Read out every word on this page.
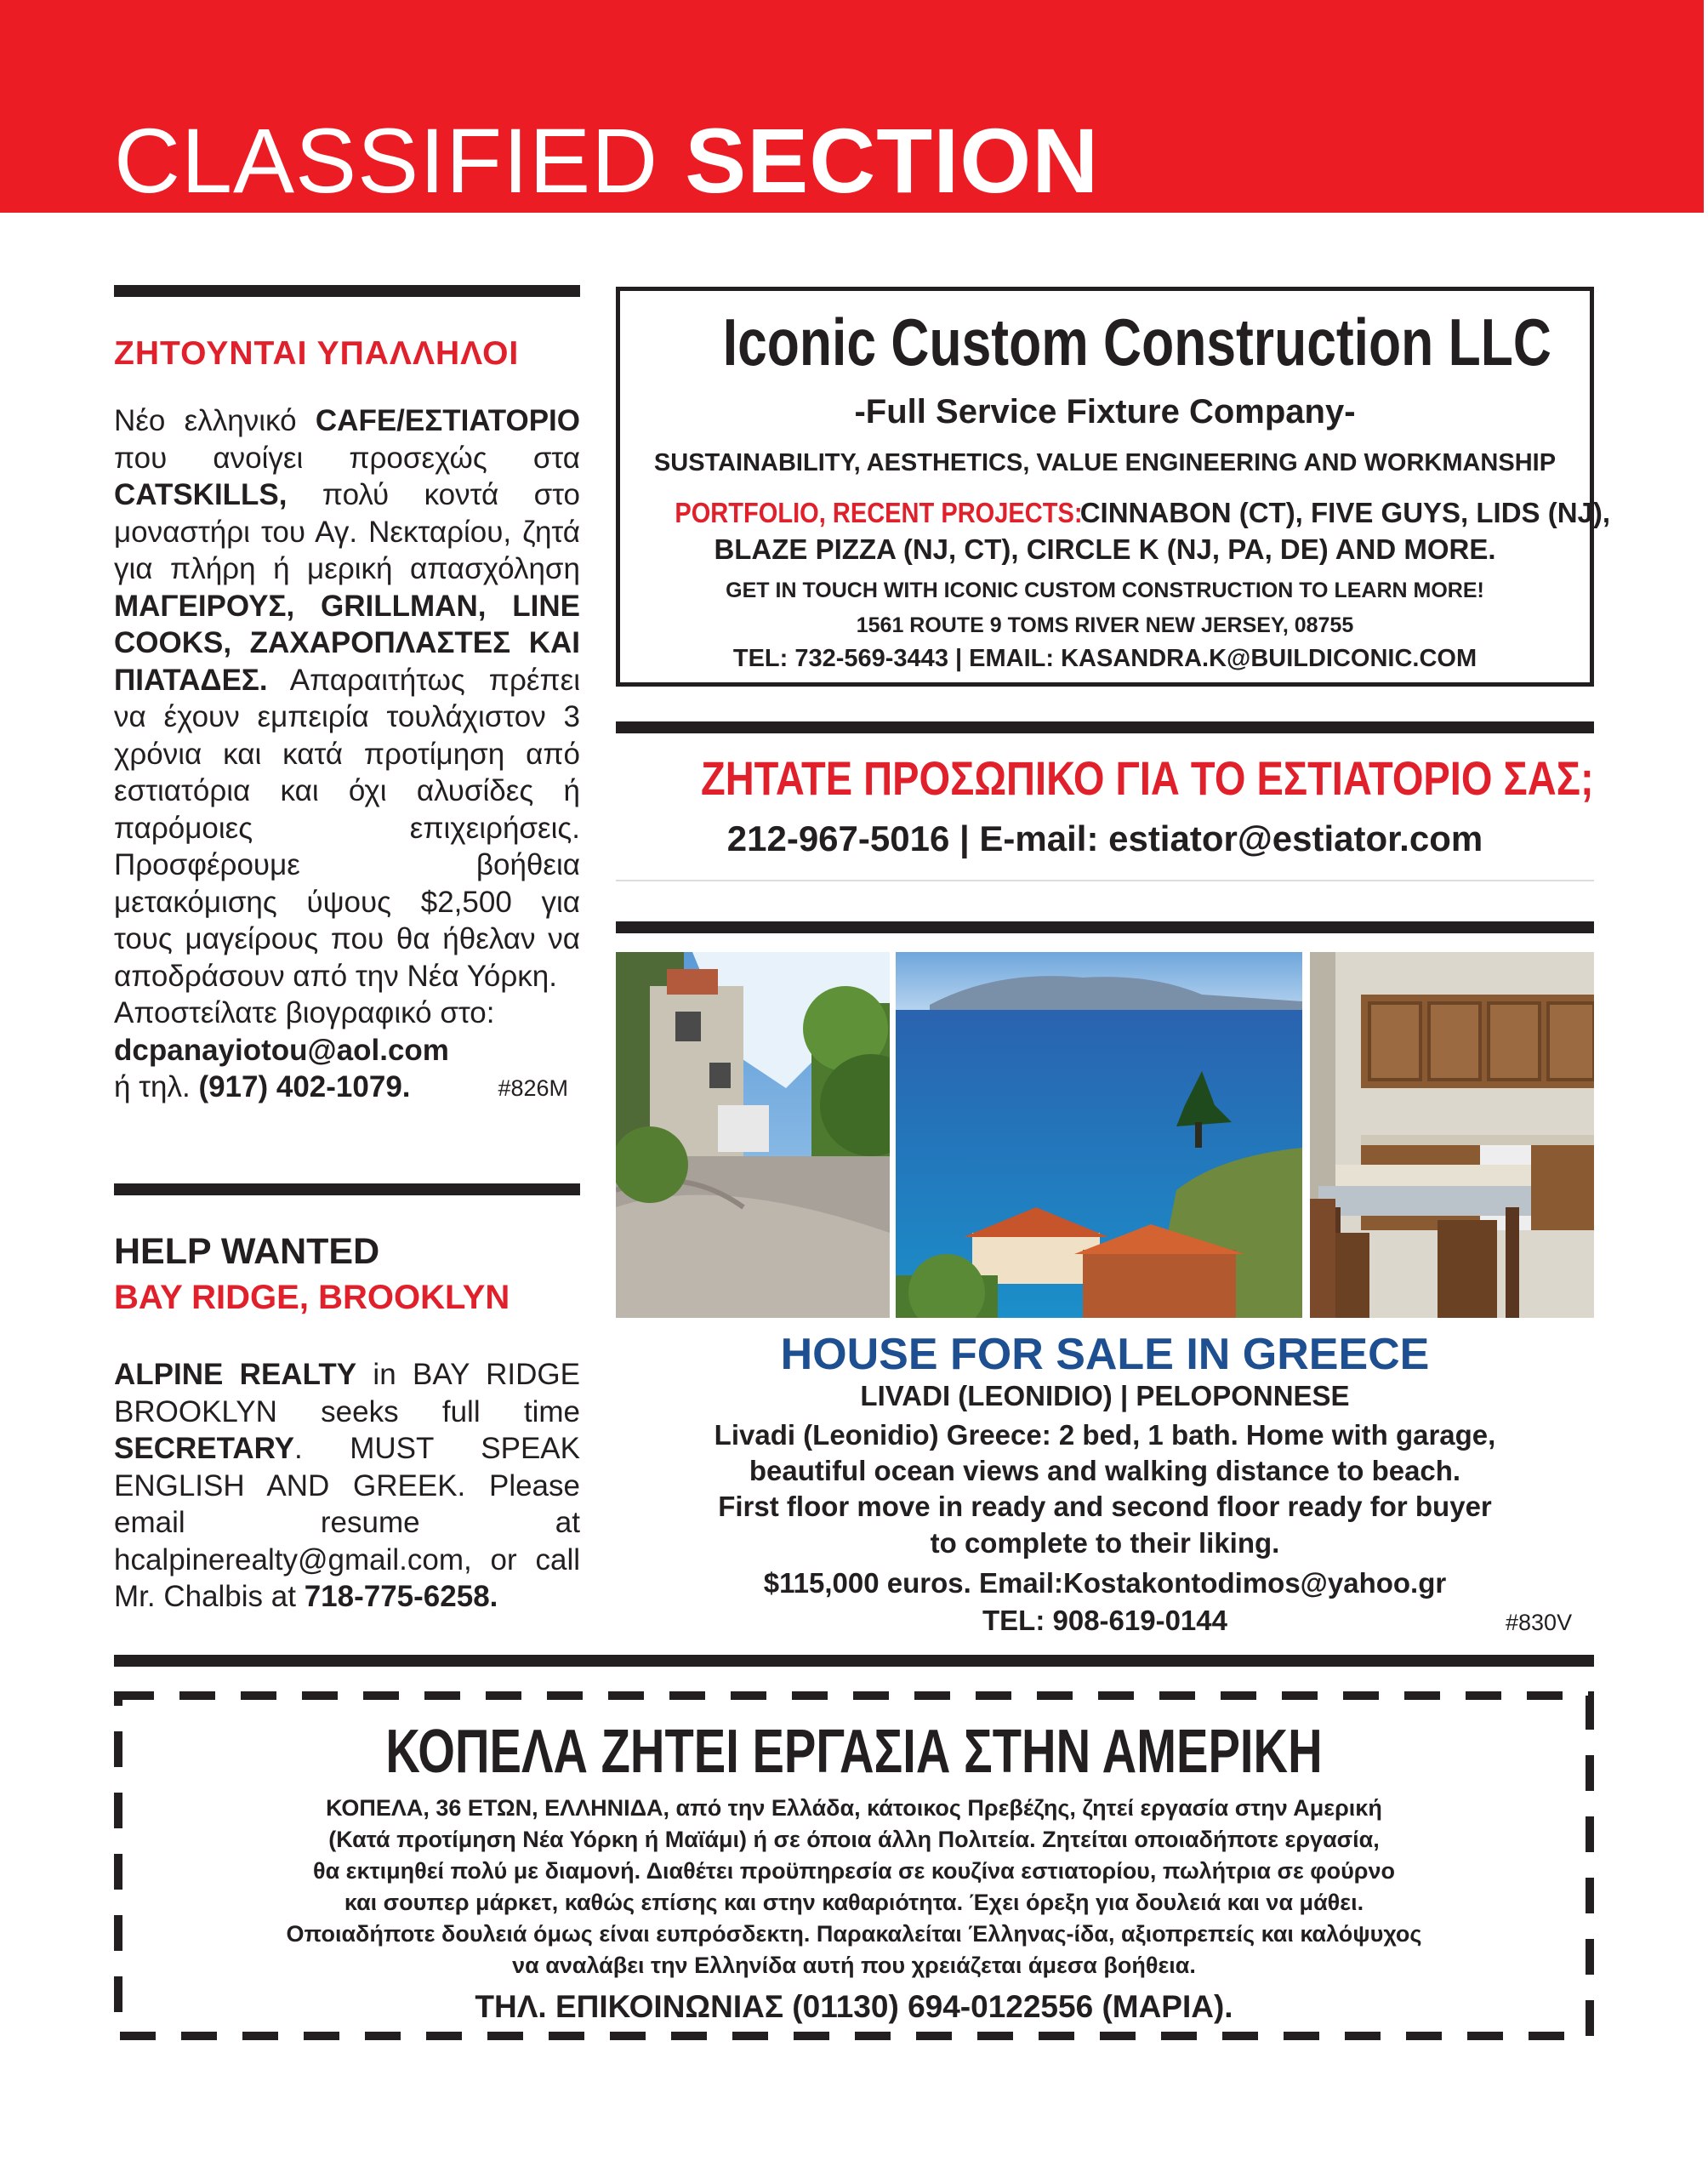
CLASSIFIED SECTION
ΖΗΤΟΥΝΤΑΙ ΥΠΑΛΛΗΛΟΙ

Νέο ελληνικό CAFE/ΕΣΤΙΑΤΟΡΙΟ που ανοίγει προσεχώς στα CATSKILLS, πολύ κοντά στο μοναστήρι του Αγ. Νεκταρίου, ζητά για πλήρη ή μερική απασχόληση ΜΑΓΕΙΡΟΥΣ, GRILLMAN, LINE COOKS, ΖΑΧΑΡΟΠΛΑΣΤΕΣ ΚΑΙ ΠΙΑΤΑΔΕΣ. Απαραιτήτως πρέπει να έχουν εμπειρία τουλάχιστον 3 χρόνια και κατά προτίμηση από εστιατόρια και όχι αλυσίδες ή παρόμοιες επιχειρήσεις. Προσφέρουμε βοήθεια μετακόμισης ύψους $2,500 για τους μαγείρους που θα ήθελαν να αποδράσουν από την Νέα Υόρκη.

Αποστείλατε βιογραφικό στο:

dcpanayiotou@aol.com

ή τηλ. (917) 402-1079.	#826M

HELP WANTED
BAY RIDGE, BROOKLYN

ALPINE REALTY in BAY RIDGE BROOKLYN seeks full time SECRETARY. MUST SPEAK ENGLISH AND GREEK. Please email resume at hcalpinerealty@gmail.com, or call Mr. Chalbis at 718-775-6258.

Iconic Custom Construction LLC
-Full Service Fixture Company-
SUSTAINABILITY, AESTHETICS, VALUE ENGINEERING AND WORKMANSHIP
PORTFOLIO, RECENT PROJECTS: CINNABON (CT), FIVE GUYS, LIDS (NJ),
BLAZE PIZZA (NJ, CT), CIRCLE K (NJ, PA, DE) AND MORE.
GET IN TOUCH WITH ICONIC CUSTOM CONSTRUCTION TO LEARN MORE!
1561 ROUTE 9 TOMS RIVER NEW JERSEY, 08755
TEL: 732-569-3443 | EMAIL: KASANDRA.K@BUILDICONIC.COM
ΖΗΤΑΤΕ ΠΡΟΣΩΠΙΚΟ ΓΙΑ ΤΟ ΕΣΤΙΑΤΟΡΙΟ ΣΑΣ;
212-967-5016 | E-mail: estiator@estiator.com
HOUSE FOR SALE IN GREECE
LIVADI (LEONIDIO) | PELOPONNESE
Livadi (Leonidio) Greece: 2 bed, 1 bath. Home with garage,
beautiful ocean views and walking distance to beach.
First floor move in ready and second floor ready for buyer
to complete to their liking.
$115,000 euros. Email:Kostakontodimos@yahoo.gr
TEL: 908-619-0144	#830V
ΚΟΠΕΛΑ ΖΗΤΕΙ ΕΡΓΑΣΙΑ ΣΤΗΝ ΑΜΕΡΙΚΗ
ΚΟΠΕΛΑ, 36 ΕΤΩΝ, ΕΛΛΗΝΙΔΑ, από την Ελλάδα, κάτοικος Πρεβέζης, ζητεί εργασία στην Αμερική
(Κατά προτίμηση Νέα Υόρκη ή Μαϊάμι) ή σε όποια άλλη Πολιτεία. Ζητείται οποιαδήποτε εργασία,
θα εκτιμηθεί πολύ με διαμονή. Διαθέτει προϋπηρεσία σε κουζίνα εστιατορίου, πωλήτρια σε φούρνο
και σουπερ μάρκετ, καθώς επίσης και στην καθαριότητα. Έχει όρεξη για δουλειά και να μάθει.
Οποιαδήποτε δουλειά όμως είναι ευπρόσδεκτη. Παρακαλείται Έλληνας-ίδα, αξιοπρεπείς και καλόψυχος
να αναλάβει την Ελληνίδα αυτή που χρειάζεται άμεσα βοήθεια.
ΤΗΛ. ΕΠΙΚΟΙΝΩΝΙΑΣ (01130) 694-0122556 (ΜΑΡΙΑ).
